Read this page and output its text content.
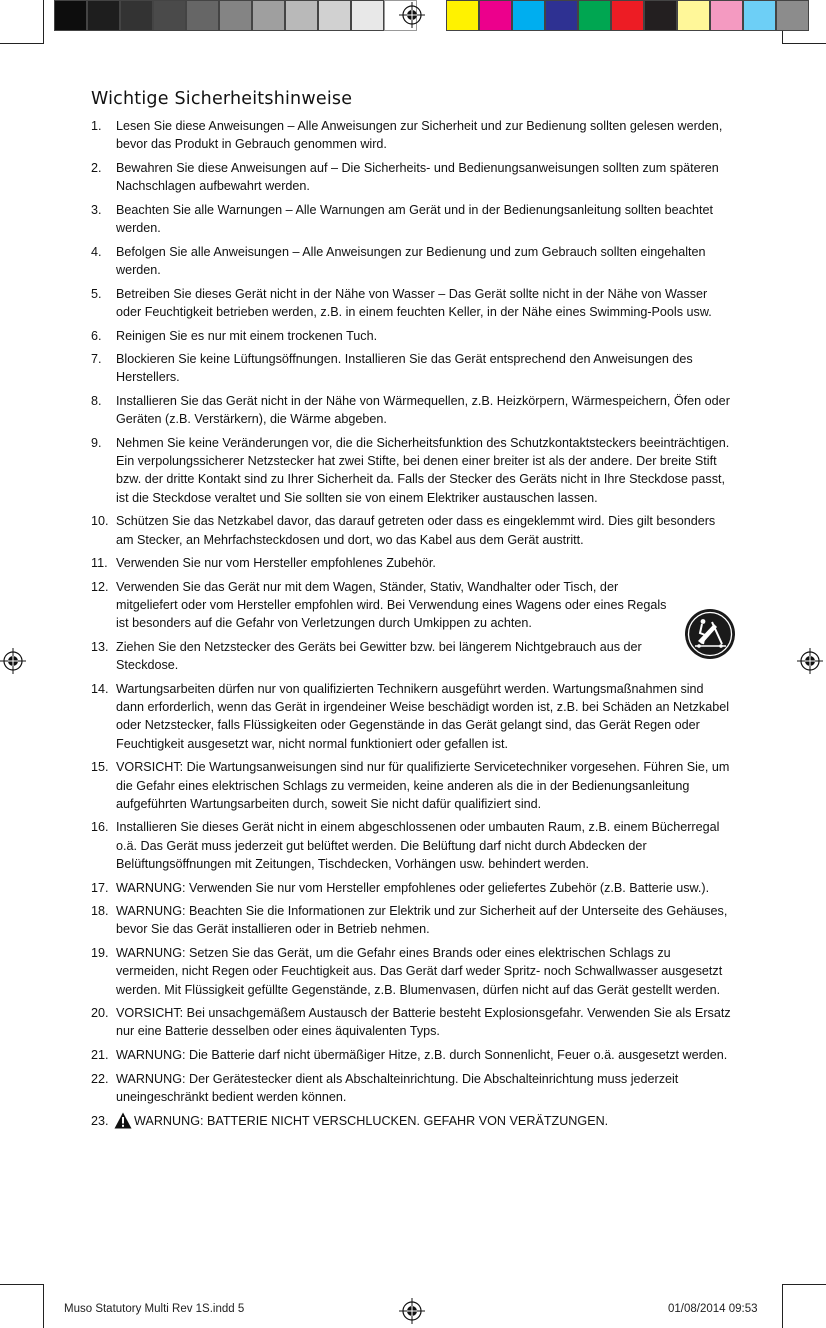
Wichtige Sicherheitshinweise
1. Lesen Sie diese Anweisungen – Alle Anweisungen zur Sicherheit und zur Bedienung sollten gelesen werden, bevor das Produkt in Gebrauch genommen wird.
2. Bewahren Sie diese Anweisungen auf – Die Sicherheits- und Bedienungsanweisungen sollten zum späteren Nachschlagen aufbewahrt werden.
3. Beachten Sie alle Warnungen – Alle Warnungen am Gerät und in der Bedienungsanleitung sollten beachtet werden.
4. Befolgen Sie alle Anweisungen – Alle Anweisungen zur Bedienung und zum Gebrauch sollten eingehalten werden.
5. Betreiben Sie dieses Gerät nicht in der Nähe von Wasser – Das Gerät sollte nicht in der Nähe von Wasser oder Feuchtigkeit betrieben werden, z.B. in einem feuchten Keller, in der Nähe eines Swimming-Pools usw.
6. Reinigen Sie es nur mit einem trockenen Tuch.
7. Blockieren Sie keine Lüftungsöffnungen. Installieren Sie das Gerät entsprechend den Anweisungen des Herstellers.
8. Installieren Sie das Gerät nicht in der Nähe von Wärmequellen, z.B. Heizkörpern, Wärmespeichern, Öfen oder Geräten (z.B. Verstärkern), die Wärme abgeben.
9. Nehmen Sie keine Veränderungen vor, die die Sicherheitsfunktion des Schutzkontaktsteckers beeinträchtigen. Ein verpolungssicherer Netzstecker hat zwei Stifte, bei denen einer breiter ist als der andere. Der breite Stift bzw. der dritte Kontakt sind zu Ihrer Sicherheit da. Falls der Stecker des Geräts nicht in Ihre Steckdose passt, ist die Steckdose veraltet und Sie sollten sie von einem Elektriker austauschen lassen.
10. Schützen Sie das Netzkabel davor, das darauf getreten oder dass es eingeklemmt wird. Dies gilt besonders am Stecker, an Mehrfachsteckdosen und dort, wo das Kabel aus dem Gerät austritt.
11. Verwenden Sie nur vom Hersteller empfohlenes Zubehör.
12. Verwenden Sie das Gerät nur mit dem Wagen, Ständer, Stativ, Wandhalter oder Tisch, der mitgeliefert oder vom Hersteller empfohlen wird. Bei Verwendung eines Wagens oder eines Regals ist besonders auf die Gefahr von Verletzungen durch Umkippen zu achten.
13. Ziehen Sie den Netzstecker des Geräts bei Gewitter bzw. bei längerem Nichtgebrauch aus der Steckdose.
14. Wartungsarbeiten dürfen nur von qualifizierten Technikern ausgeführt werden. Wartungsmaßnahmen sind dann erforderlich, wenn das Gerät in irgendeiner Weise beschädigt worden ist, z.B. bei Schäden an Netzkabel oder Netzstecker, falls Flüssigkeiten oder Gegenstände in das Gerät gelangt sind, das Gerät Regen oder Feuchtigkeit ausgesetzt war, nicht normal funktioniert oder gefallen ist.
15. VORSICHT: Die Wartungsanweisungen sind nur für qualifizierte Servicetechniker vorgesehen. Führen Sie, um die Gefahr eines elektrischen Schlags zu vermeiden, keine anderen als die in der Bedienungsanleitung aufgeführten Wartungsarbeiten durch, soweit Sie nicht dafür qualifiziert sind.
16. Installieren Sie dieses Gerät nicht in einem abgeschlossenen oder umbauten Raum, z.B. einem Bücherregal o.ä. Das Gerät muss jederzeit gut belüftet werden. Die Belüftung darf nicht durch Abdecken der Belüftungsöffnungen mit Zeitungen, Tischdecken, Vorhängen usw. behindert werden.
17. WARNUNG: Verwenden Sie nur vom Hersteller empfohlenes oder geliefertes Zubehör (z.B. Batterie usw.).
18. WARNUNG: Beachten Sie die Informationen zur Elektrik und zur Sicherheit auf der Unterseite des Gehäuses, bevor Sie das Gerät installieren oder in Betrieb nehmen.
19. WARNUNG: Setzen Sie das Gerät, um die Gefahr eines Brands oder eines elektrischen Schlags zu vermeiden, nicht Regen oder Feuchtigkeit aus. Das Gerät darf weder Spritz- noch Schwallwasser ausgesetzt werden. Mit Flüssigkeit gefüllte Gegenstände, z.B. Blumenvasen, dürfen nicht auf das Gerät gestellt werden.
20. VORSICHT: Bei unsachgemäßem Austausch der Batterie besteht Explosionsgefahr. Verwenden Sie als Ersatz nur eine Batterie desselben oder eines äquivalenten Typs.
21. WARNUNG: Die Batterie darf nicht übermäßiger Hitze, z.B. durch Sonnenlicht, Feuer o.ä. ausgesetzt werden.
22. WARNUNG: Der Gerätestecker dient als Abschalteinrichtung. Die Abschalteinrichtung muss jederzeit uneingeschränkt bedient werden können.
23. WARNUNG: BATTERIE NICHT VERSCHLUCKEN. GEFAHR VON VERÄTZUNGEN.
Muso Statutory Multi Rev 1S.indd 5	01/08/2014 09:53
